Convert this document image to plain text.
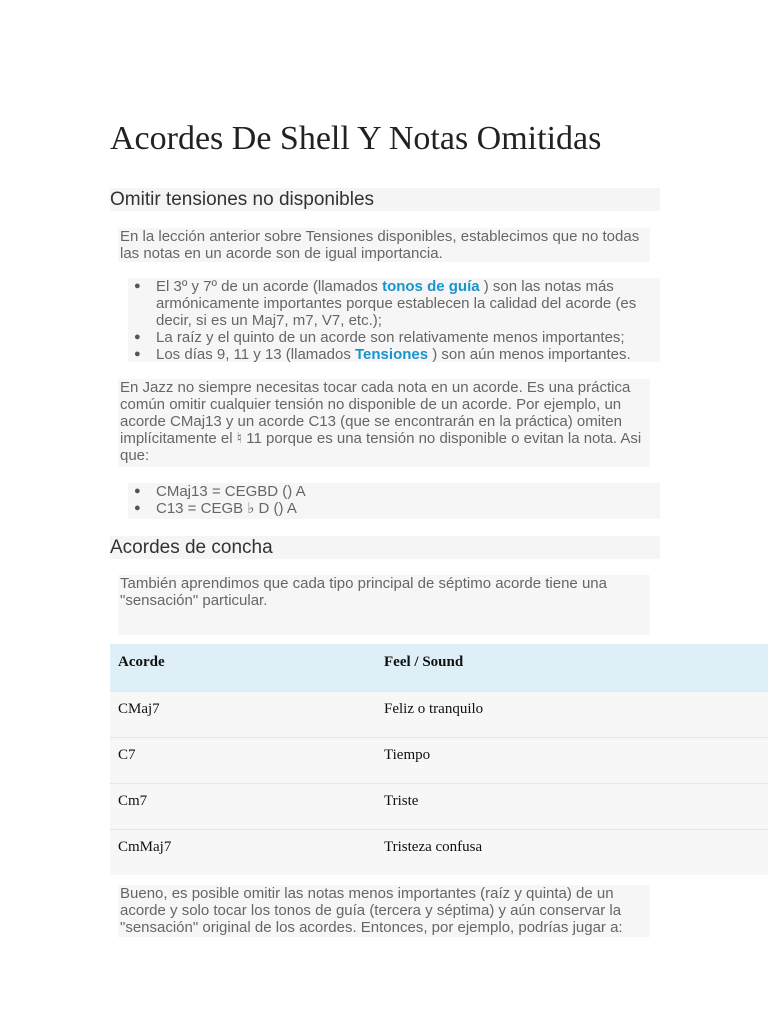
Acordes De Shell Y Notas Omitidas
Omitir tensiones no disponibles

En la lección anterior sobre Tensiones disponibles, establecimos que no todas las notas en un acorde son de igual importancia.

● El 3º y 7º de un acorde (llamados tonos de guía ) son las notas más armónicamente importantes porque establecen la calidad del acorde (es decir, si es un Maj7, m7, V7, etc.);
● La raíz y el quinto de un acorde son relativamente menos importantes;
● Los días 9, 11 y 13 (llamados Tensiones ) son aún menos importantes.

En Jazz no siempre necesitas tocar cada nota en un acorde. Es una práctica común omitir cualquier tensión no disponible de un acorde. Por ejemplo, un acorde CMaj13 y un acorde C13 (que se encontrarán en la práctica) omiten implícitamente el ♮ 11 porque es una tensión no disponible o evitan la nota. Asi que:

● CMaj13 = CEGBD () A
● C13 = CEGB ♭ D () A
Acordes de concha

También aprendimos que cada tipo principal de séptimo acorde tiene una "sensación" particular.

Acorde	Feel / Sound
CMaj7	Feliz o tranquilo
C7	Tiempo
Cm7	Triste
CmMaj7	Tristeza confusa

Bueno, es posible omitir las notas menos importantes (raíz y quinta) de un acorde y solo tocar los tonos de guía (tercera y séptima) y aún conservar la "sensación" original de los acordes. Entonces, por ejemplo, podrías jugar a:
